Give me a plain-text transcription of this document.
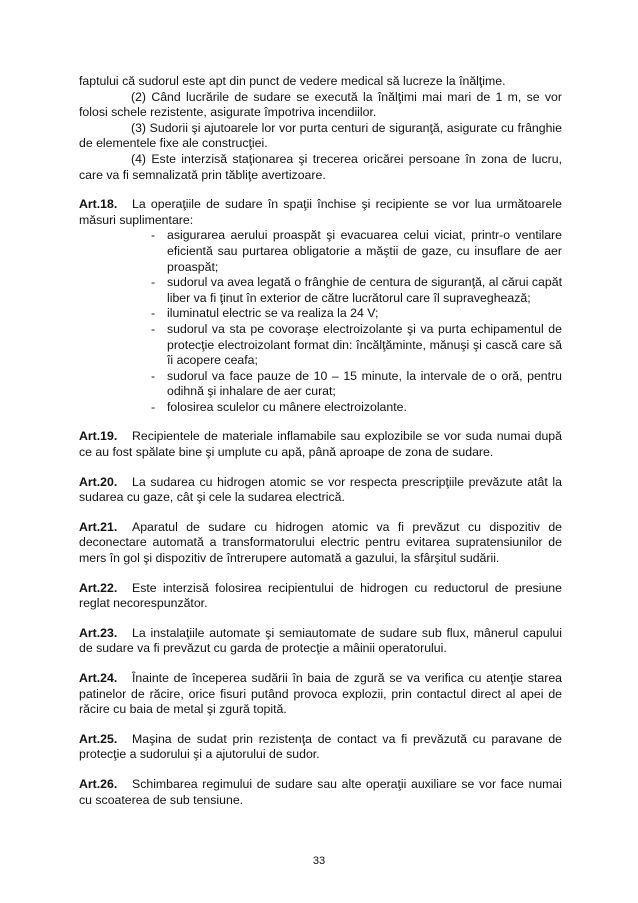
faptului că sudorul este apt din punct de vedere medical să lucreze la înălţime.

(2) Când lucrările de sudare se execută la înălţimi mai mari de 1 m, se vor folosi schele rezistente, asigurate împotriva incendiilor.

(3) Sudorii şi ajutoarele lor vor purta centuri de siguranţă, asigurate cu frânghie de elementele fixe ale construcţiei.

(4) Este interzisă staţionarea şi trecerea oricărei persoane în zona de lucru, care va fi semnalizată prin tăbliţe avertizoare.

Art.18. La operaţiile de sudare în spaţii închise şi recipiente se vor lua următoarele măsuri suplimentare:

- asigurarea aerului proaspăt şi evacuarea celui viciat, printr-o ventilare eficientă sau purtarea obligatorie a măştii de gaze, cu insuflare de aer proaspăt;
- sudorul va avea legată o frânghie de centura de siguranţă, al cărui capăt liber va fi ţinut în exterior de către lucrătorul care îl supraveghează;
- iluminatul electric se va realiza la 24 V;
- sudorul va sta pe covoraşe electroizolante şi va purta echipamentul de protecţie electroizolant format din: încălţăminte, mănuşi şi cască care să îi acopere ceafa;
- sudorul va face pauze de 10 – 15 minute, la intervale de o oră, pentru odihnă şi inhalare de aer curat;
- folosirea sculelor cu mânere electroizolante.

Art.19. Recipientele de materiale inflamabile sau explozibile se vor suda numai după ce au fost spălate bine şi umplute cu apă, până aproape de zona de sudare.

Art.20. La sudarea cu hidrogen atomic se vor respecta prescripţiile prevăzute atât la sudarea cu gaze, cât şi cele la sudarea electrică.

Art.21. Aparatul de sudare cu hidrogen atomic va fi prevăzut cu dispozitiv de deconectare automată a transformatorului electric pentru evitarea supratensiunilor de mers în gol şi dispozitiv de întrerupere automată a gazului, la sfârşitul sudării.

Art.22. Este interzisă folosirea recipientului de hidrogen cu reductorul de presiune reglat necorespunzător.

Art.23. La instalaţiile automate şi semiautomate de sudare sub flux, mânerul capului de sudare va fi prevăzut cu garda de protecţie a mâinii operatorului.

Art.24. Înainte de începerea sudării în baia de zgură se va verifica cu atenţie starea patinelor de răcire, orice fisuri putând provoca explozii, prin contactul direct al apei de răcire cu baia de metal şi zgură topită.

Art.25. Maşina de sudat prin rezistenţa de contact va fi prevăzută cu paravane de protecţie a sudorului şi a ajutorului de sudor.

Art.26. Schimbarea regimului de sudare sau alte operaţii auxiliare se vor face numai cu scoaterea de sub tensiune.

33
